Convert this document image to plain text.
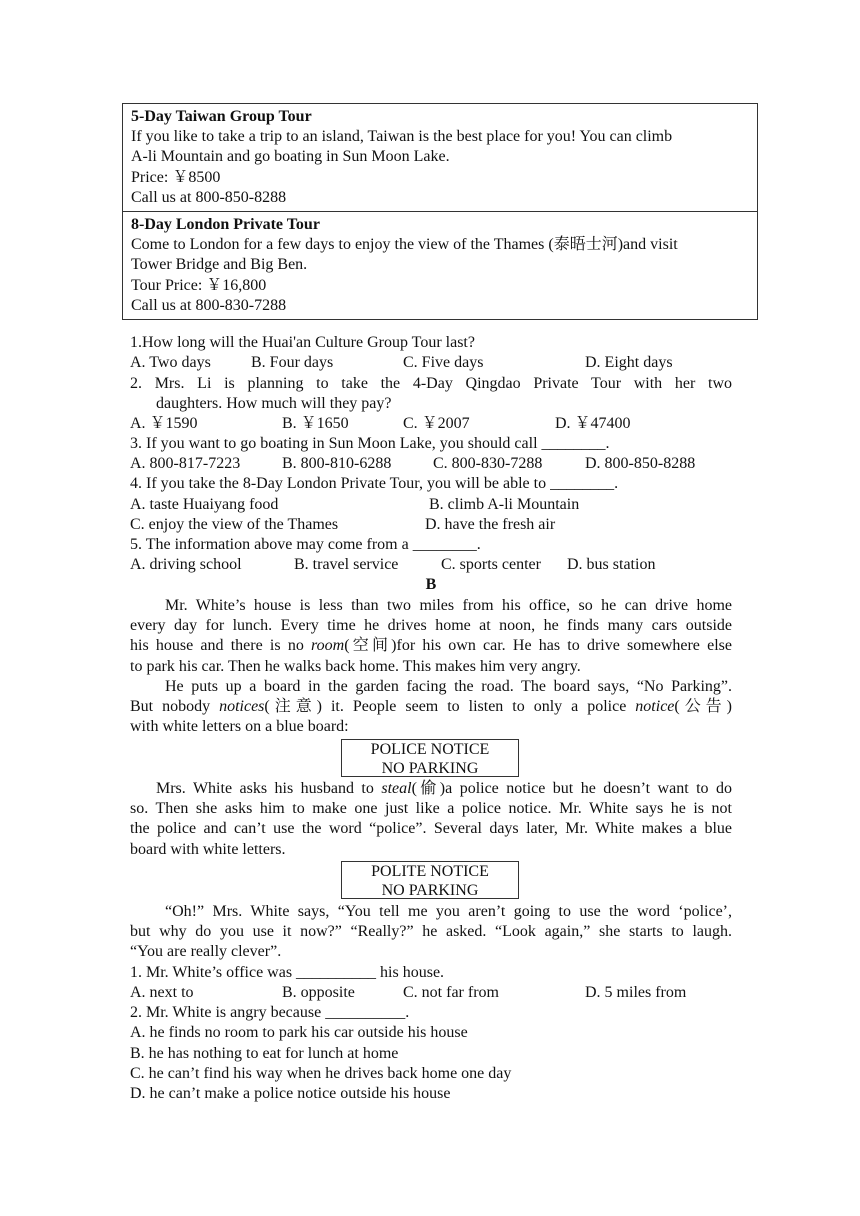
5-Day Taiwan Group Tour
If you like to take a trip to an island, Taiwan is the best place for you! You can climb
A-li Mountain and go boating in Sun Moon Lake.
Price: ￥8500
Call us at 800-850-8288
8-Day London Private Tour
Come to London for a few days to enjoy the view of the Thames (泰晤士河)and visit
Tower Bridge and Big Ben.
Tour Price: ￥16,800
Call us at 800-830-7288
1.How long will the Huai'an Culture Group Tour last?
A. Two days	B. Four days	C. Five days	D. Eight days
2. Mrs. Li is planning to take the 4-Day Qingdao Private Tour with her two
daughters. How much will they pay?
A. ￥1590	B. ￥1650	C. ￥2007	D. ￥47400
3. If you want to go boating in Sun Moon Lake, you should call ________.
A. 800-817-7223	B. 800-810-6288	C. 800-830-7288	D. 800-850-8288
4. If you take the 8-Day London Private Tour, you will be able to ________.
A. taste Huaiyang food	B. climb A-li Mountain
C. enjoy the view of the Thames	D. have the fresh air
5. The information above may come from a ________.
A. driving school	B. travel service	C. sports center D. bus station
B
Mr. White’s house is less than two miles from his office, so he can drive home
every day for lunch. Every time he drives home at noon, he finds many cars outside
his house and there is no room(空间)for his own car. He has to drive somewhere else
to park his car. Then he walks back home. This makes him very angry.
He puts up a board in the garden facing the road. The board says, “No Parking”.
But nobody notices(注意) it. People seem to listen to only a police notice(公告)
with white letters on a blue board:
POLICE NOTICE
NO PARKING
Mrs. White asks his husband to steal(偷)a police notice but he doesn’t want to do
so. Then she asks him to make one just like a police notice. Mr. White says he is not
the police and can’t use the word “police”. Several days later, Mr. White makes a blue
board with white letters.
POLITE NOTICE
NO PARKING
“Oh!” Mrs. White says, “You tell me you aren’t going to use the word ‘police’,
but why do you use it now?” “Really?” he asked. “Look again,” she starts to laugh.
“You are really clever”.
1. Mr. White’s office was __________ his house.
A. next to	B. opposite	C. not far from	D. 5 miles from
2. Mr. White is angry because __________.
A. he finds no room to park his car outside his house
B. he has nothing to eat for lunch at home
C. he can’t find his way when he drives back home one day
D. he can’t make a police notice outside his house
